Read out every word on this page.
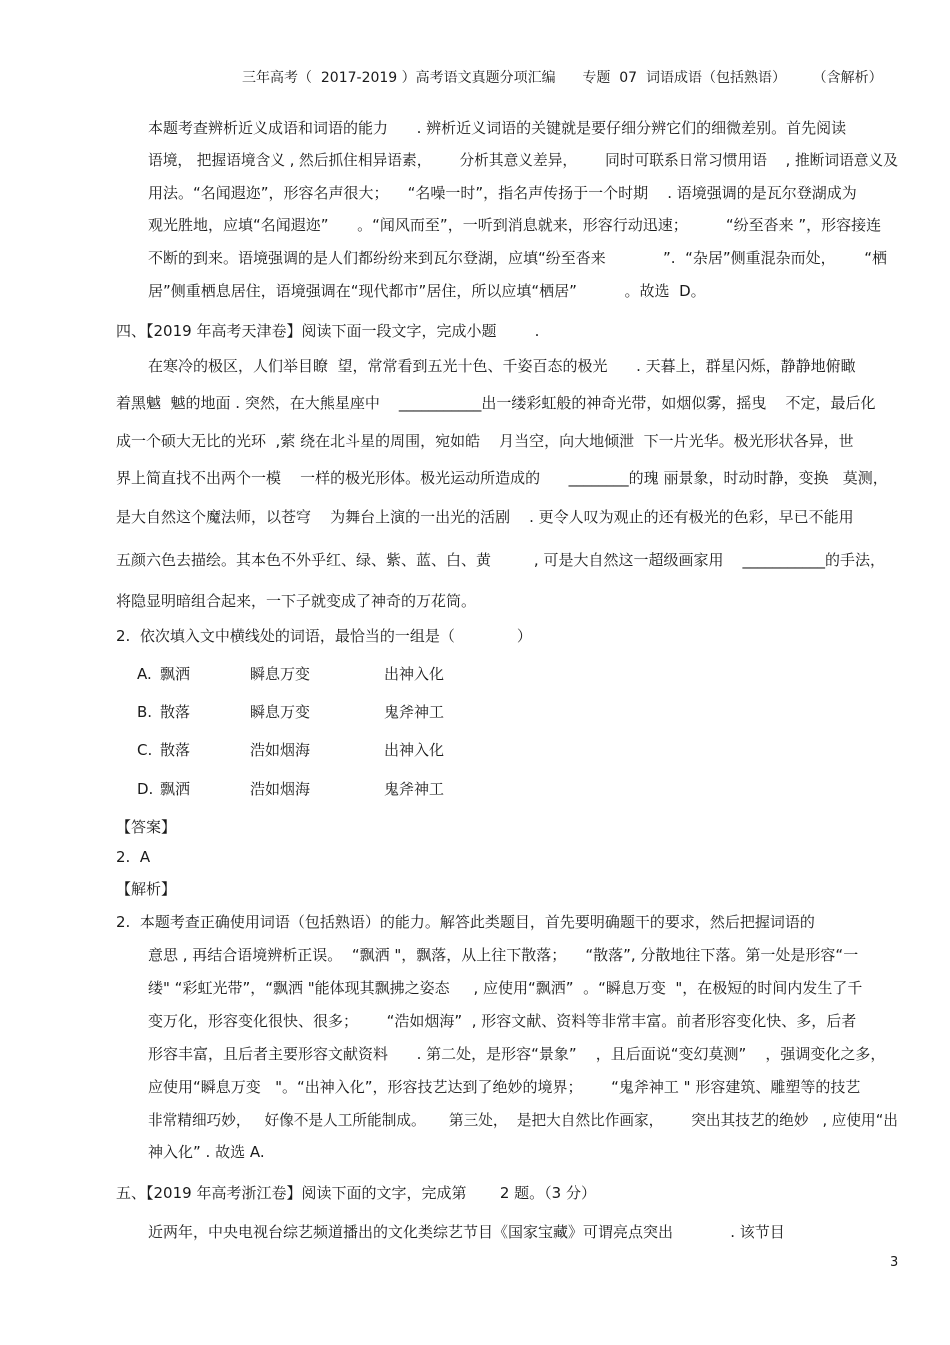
三年高考（  2017-2019 ）高考语文真题分项汇编      专题  07  词语成语（包括熟语）      （含解析）
本题考查辨析近义成语和词语的能力      . 辨析近义词语的关键就是要仔细分辨它们的细微差别。首先阅读
语境， 把握语境含义 , 然后抓住相异语素，      分析其意义差异，      同时可联系日常习惯用语    , 推断词语意义及
用法。“名闻遐迩”，形容名声很大；    “名噪一时”，指名声传扬于一个时期    . 语境强调的是瓦尔登湖成为
观光胜地，应填“名闻遐迩”      。“闻风而至”，一听到消息就来，形容行动迅速；        “纷至沓来 ”，形容接连
不断的到来。语境强调的是人们都纷纷来到瓦尔登湖，应填“纷至沓来            ”.  “杂居”侧重混杂而处，      “栖
居”侧重栖息居住，语境强调在“现代都市”居住，所以应填“栖居”          。故选  D。
四、【2019 年高考天津卷】阅读下面一段文字，完成小题        .
在寒冷的极区，人们举目瞭  望，常常看到五光十色、千姿百态的极光      . 天暮上，群星闪烁，静静地俯瞰
着黑魆  魆的地面 . 突然，在大熊星座中    ___________出一缕彩虹般的神奇光带，如烟似雾，摇曳    不定，最后化
成一个硕大无比的光环  ,萦 绕在北斗星的周围，宛如皓    月当空，向大地倾泄  下一片光华。极光形状各异，世
界上简直找不出两个一模    一样的极光形体。极光运动所造成的      ________的瑰 丽景象，时动时静，变换   莫测，
是大自然这个魔法师，以苍穹    为舞台上演的一出光的活剧    . 更令人叹为观止的还有极光的色彩，早已不能用
五颜六色去描绘。其本色不外乎红、绿、紫、蓝、白、黄         , 可是大自然这一超级画家用    ___________的手法，
将隐显明暗组合起来，一下子就变成了神奇的万花筒。
2.  依次填入文中横线处的词语，最恰当的一组是（             ）
A. 飘洒	瞬息万变	出神入化
B. 散落	瞬息万变	鬼斧神工
C. 散落	浩如烟海	出神入化
D. 飘洒	浩如烟海	鬼斧神工
【答案】
2.  A
【解析】
2.  本题考查正确使用词语（包括熟语）的能力。解答此类题目，首先要明确题干的要求，然后把握词语的
意思 , 再结合语境辨析正误。  “飘洒 "，飘落，从上往下散落；    “散落”, 分散地往下落。第一处是形容“一
缕" “彩虹光带”，“飘洒 "能体现其飘拂之姿态     , 应使用“飘洒”  。“瞬息万变  "，在极短的时间内发生了千
变万化，形容变化很快、很多；      “浩如烟海”  , 形容文献、资料等非常丰富。前者形容变化快、多，后者
形容丰富，且后者主要形容文献资料      . 第二处，是形容“景象”    ，且后面说“变幻莫测”    ，强调变化之多，
应使用“瞬息万变   "。“出神入化”，形容技艺达到了绝妙的境界；      “鬼斧神工 " 形容建筑、雕塑等的技艺
非常精细巧妙，   好像不是人工所能制成。     第三处，  是把大自然比作画家，      突出其技艺的绝妙   , 应使用“出
神入化” . 故选 A.
五、【2019 年高考浙江卷】阅读下面的文字，完成第       2 题。（3 分）
近两年，中央电视台综艺频道播出的文化类综艺节目《国家宝藏》可谓亮点突出            . 该节目
3
